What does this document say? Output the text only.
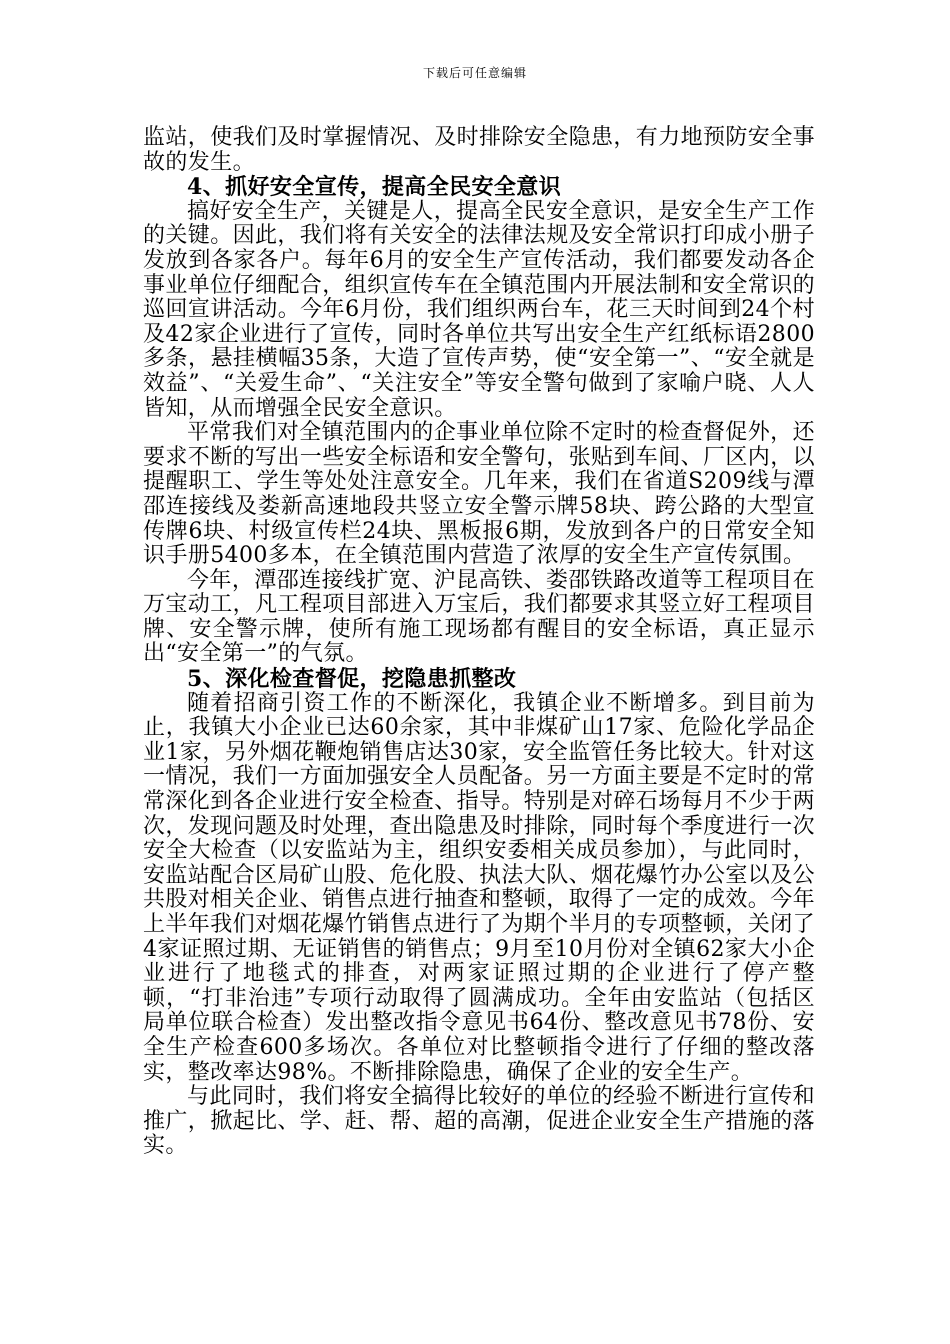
下载后可任意编辑

监站，使我们及时掌握情况、及时排除安全隐患，有力地预防安全事故的发生。

4、抓好安全宣传，提高全民安全意识

搞好安全生产，关键是人，提高全民安全意识，是安全生产工作的关键。因此，我们将有关安全的法律法规及安全常识打印成小册子发放到各家各户。每年6月的安全生产宣传活动，我们都要发动各企事业单位仔细配合，组织宣传车在全镇范围内开展法制和安全常识的巡回宣讲活动。今年6月份，我们组织两台车，花三天时间到24个村及42家企业进行了宣传，同时各单位共写出安全生产红纸标语2800多条，悬挂横幅35条，大造了宣传声势，使“安全第一”、“安全就是效益”、“关爱生命”、“关注安全”等安全警句做到了家喻户晓、人人皆知，从而增强全民安全意识。

平常我们对全镇范围内的企事业单位除不定时的检查督促外，还要求不断的写出一些安全标语和安全警句，张贴到车间、厂区内，以提醒职工、学生等处处注意安全。几年来，我们在省道S209线与潭邵连接线及娄新高速地段共竖立安全警示牌58块、跨公路的大型宣传牌6块、村级宣传栏24块、黑板报6期，发放到各户的日常安全知识手册5400多本，在全镇范围内营造了浓厚的安全生产宣传氛围。

今年，潭邵连接线扩宽、沪昆高铁、娄邵铁路改道等工程项目在万宝动工，凡工程项目部进入万宝后，我们都要求其竖立好工程项目牌、安全警示牌，使所有施工现场都有醒目的安全标语，真正显示出“安全第一”的气氛。

5、深化检查督促，挖隐患抓整改

随着招商引资工作的不断深化，我镇企业不断增多。到目前为止，我镇大小企业已达60余家，其中非煤矿山17家、危险化学品企业1家，另外烟花鞭炮销售店达30家，安全监管任务比较大。针对这一情况，我们一方面加强安全人员配备。另一方面主要是不定时的常常深化到各企业进行安全检查、指导。特别是对碎石场每月不少于两次，发现问题及时处理，查出隐患及时排除，同时每个季度进行一次安全大检查（以安监站为主，组织安委相关成员参加），与此同时，安监站配合区局矿山股、危化股、执法大队、烟花爆竹办公室以及公共股对相关企业、销售点进行抽查和整顿，取得了一定的成效。今年上半年我们对烟花爆竹销售点进行了为期个半月的专项整顿，关闭了4家证照过期、无证销售的销售点；9月至10月份对全镇62家大小企业进行了地毯式的排查，对两家证照过期的企业进行了停产整顿，“打非治违”专项行动取得了圆满成功。全年由安监站（包括区局单位联合检查）发出整改指令意见书64份、整改意见书78份、安全生产检查600多场次。各单位对比整顿指令进行了仔细的整改落实，整改率达98%。不断排除隐患，确保了企业的安全生产。

与此同时，我们将安全搞得比较好的单位的经验不断进行宣传和推广，掀起比、学、赶、帮、超的高潮，促进企业安全生产措施的落实。
